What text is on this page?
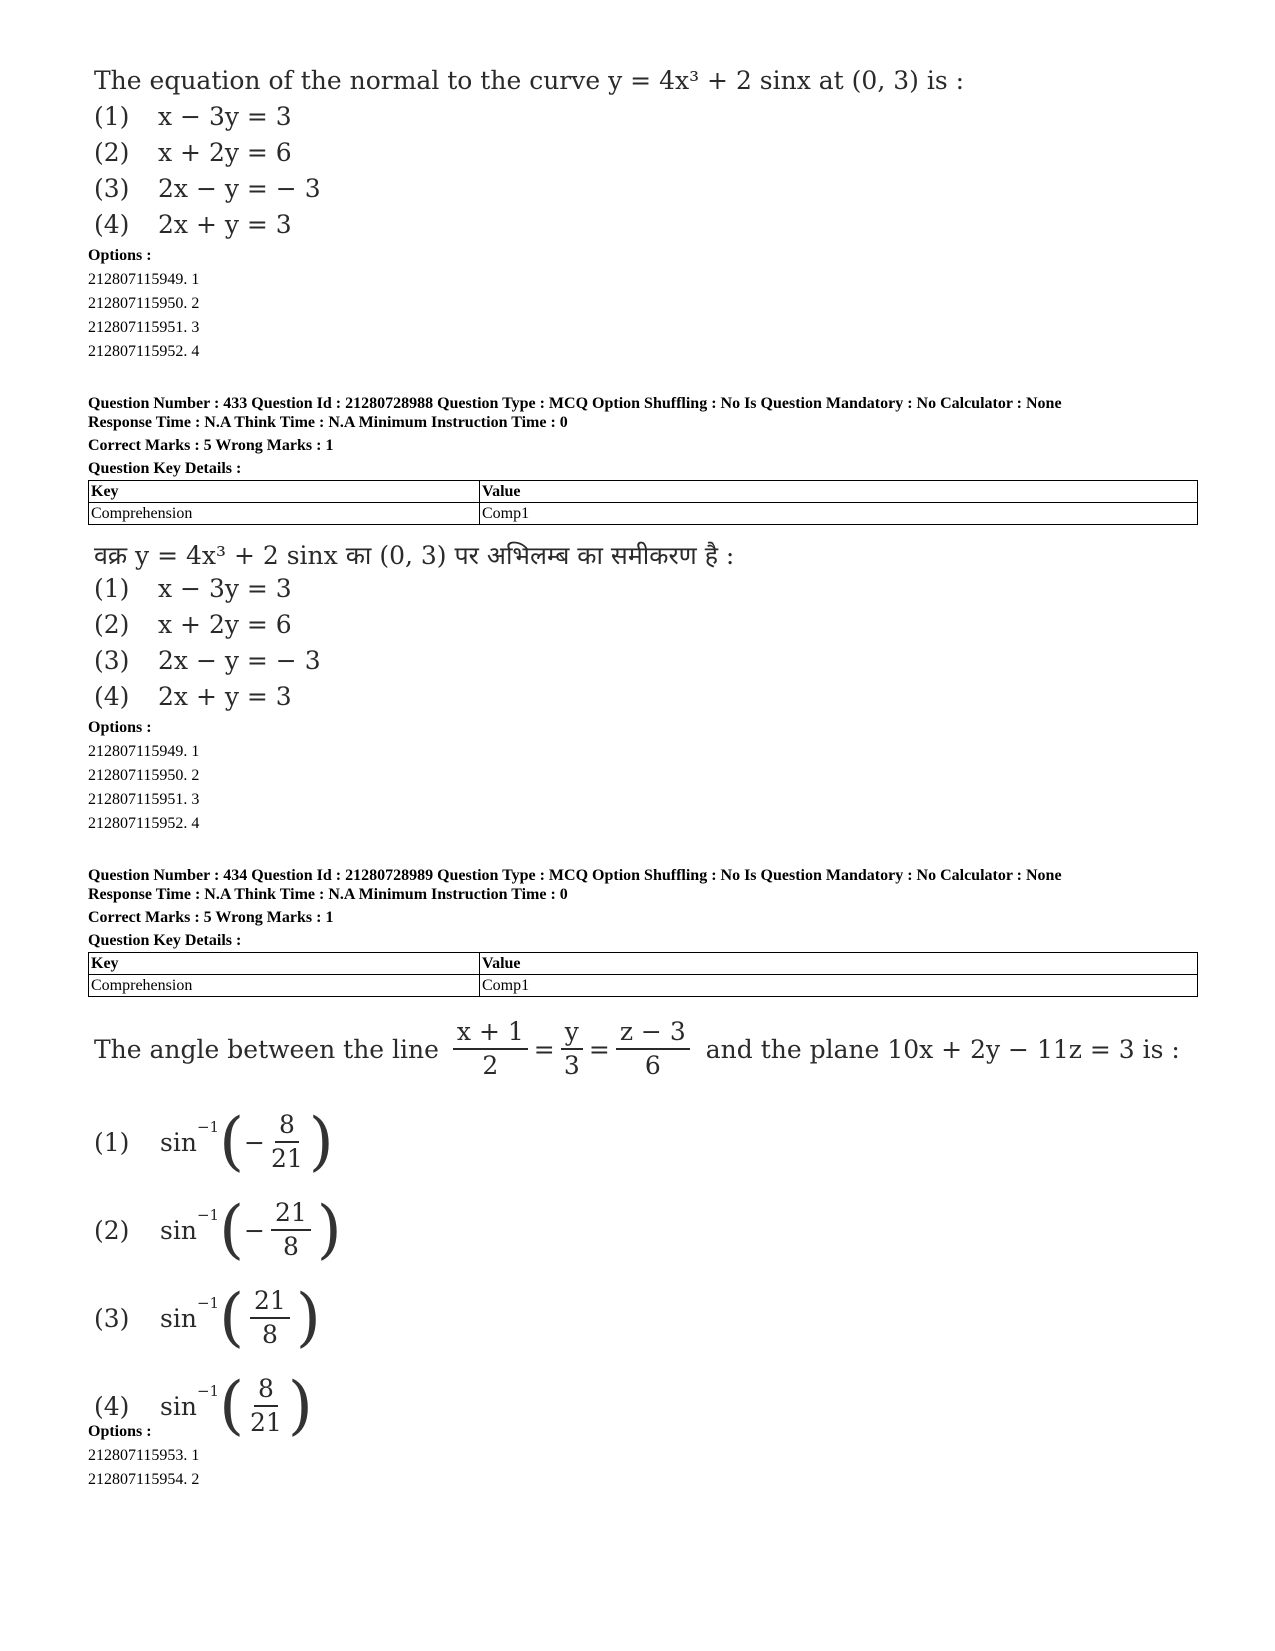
The equation of the normal to the curve y = 4x³ + 2 sinx at (0, 3) is :
(1)	x − 3y = 3
(2)	x + 2y = 6
(3)	2x − y = − 3
(4)	2x + y = 3
Options :
212807115949. 1
212807115950. 2
212807115951. 3
212807115952. 4
Question Number : 433 Question Id : 21280728988 Question Type : MCQ Option Shuffling : No Is Question Mandatory : No Calculator : None
Response Time : N.A Think Time : N.A Minimum Instruction Time : 0
Correct Marks : 5 Wrong Marks : 1
Question Key Details :
Key	Value
Comprehension	Comp1
वक्र y = 4x³ + 2 sinx का (0, 3) पर अभिलम्ब का समीकरण है :
(1)	x − 3y = 3
(2)	x + 2y = 6
(3)	2x − y = − 3
(4)	2x + y = 3
Options :
212807115949. 1
212807115950. 2
212807115951. 3
212807115952. 4
Question Number : 434 Question Id : 21280728989 Question Type : MCQ Option Shuffling : No Is Question Mandatory : No Calculator : None
Response Time : N.A Think Time : N.A Minimum Instruction Time : 0
Correct Marks : 5 Wrong Marks : 1
Question Key Details :
Key	Value
Comprehension	Comp1
The angle between the line $\frac{x + 1}{2} = \frac{y}{3} = \frac{z - 3}{6}$ and the plane 10x + 2y − 11z = 3 is :
(1)	sin
$^{-1}$ ( − $\frac{8}{21}$ )
(2)	sin
$^{-1}$ ( − $\frac{21}{8}$ )
(3)	sin
$^{-1}$ ( $\frac{21}{8}$ )
(4)	sin
$^{-1}$ ( $\frac{8}{21}$ )
Options :
212807115953. 1
212807115954. 2
